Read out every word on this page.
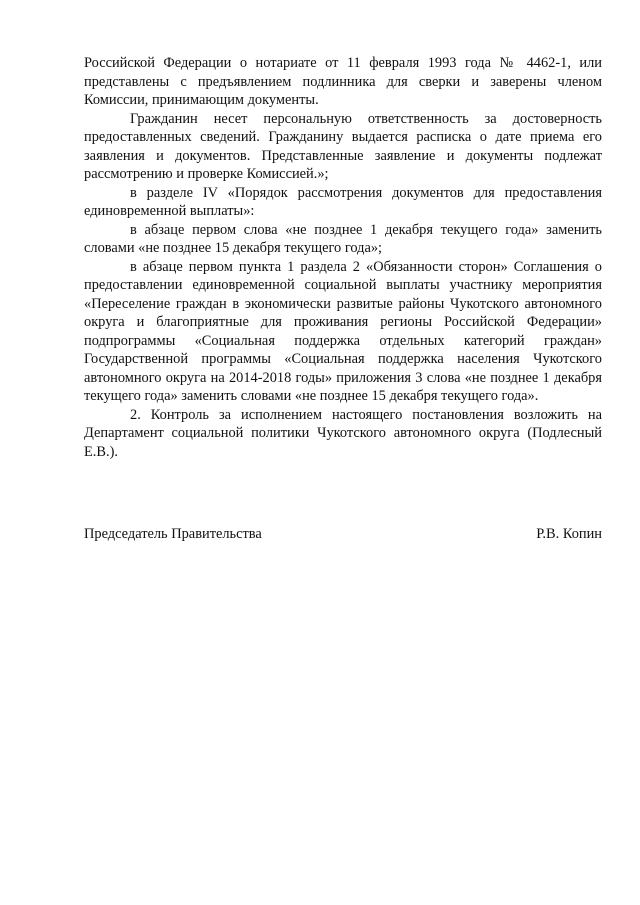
Российской Федерации о нотариате от 11 февраля 1993 года № 4462-1, или представлены с предъявлением подлинника для сверки и заверены членом Комиссии, принимающим документы.

Гражданин несет персональную ответственность за достоверность предоставленных сведений. Гражданину выдается расписка о дате приема его заявления и документов. Представленные заявление и документы подлежат рассмотрению и проверке Комиссией.»;

в разделе IV «Порядок рассмотрения документов для предоставления единовременной выплаты»:

в абзаце первом слова «не позднее 1 декабря текущего года» заменить словами «не позднее 15 декабря текущего года»;

в абзаце первом пункта 1 раздела 2 «Обязанности сторон» Соглашения о предоставлении единовременной социальной выплаты участнику мероприятия «Переселение граждан в экономически развитые районы Чукотского автономного округа и благоприятные для проживания регионы Российской Федерации» подпрограммы «Социальная поддержка отдельных категорий граждан» Государственной программы «Социальная поддержка населения Чукотского автономного округа на 2014-2018 годы» приложения 3 слова «не позднее 1 декабря текущего года» заменить словами «не позднее 15 декабря текущего года».

2. Контроль за исполнением настоящего постановления возложить на Департамент социальной политики Чукотского автономного округа (Подлесный Е.В.).

Председатель Правительства	Р.В. Копин
